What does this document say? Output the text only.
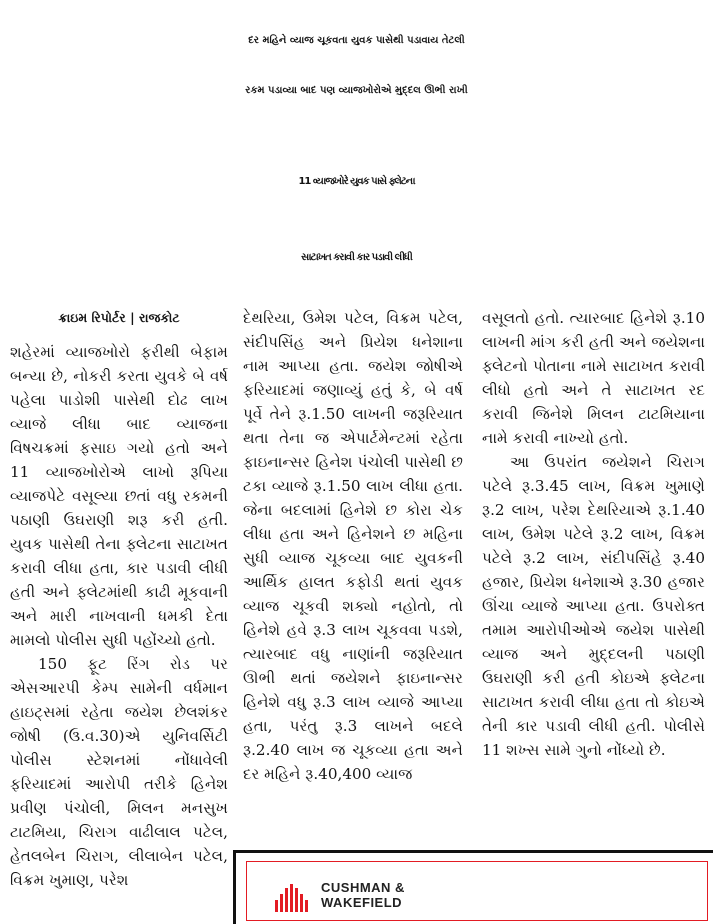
દર મહિને વ્યાજ ચૂકવતા યુવક પાસેથી પડાવાય તેટલી
રકમ પડાવ્યા બાદ પણ વ્યાજખોરોએ મુદ્દલ ઊભી રાખી
11 વ્યાજખોરે યુવક પાસે ફ્લેટના
સાટાખત કરાવી કાર પડાવી લીધી

ક્રાઇમ રિપોર્ટર | રાજકોટ

શહેરમાં વ્યાજખોરો ફરીથી બેફામ બન્યા છે, નોકરી કરતા યુવકે બે વર્ષ પહેલા પાડોશી પાસેથી દોઢ લાખ વ્યાજે લીધા બાદ વ્યાજના વિષચક્રમાં ફસાઇ ગયો હતો અને 11 વ્યાજખોરોએ લાખો રૂપિયા વ્યાજપેટે વસૂલ્યા છતાં વધુ રકમની પઠાણી ઉઘરાણી શરૂ કરી હતી. યુવક પાસેથી તેના ફ્લેટના સાટાખત કરાવી લીધા હતા, કાર પડાવી લીધી હતી અને ફ્લેટમાંથી કાઢી મૂકવાની અને મારી નાખવાની ધમકી દેતા મામલો પોલીસ સુધી પહોંચ્યો હતો.

150 ફૂટ રિંગ રોડ પર એસઆરપી કેમ્પ સામેની વર્ધમાન હાઇટ્સમાં રહેતા જયેશ છેલશંકર જોષી (ઉ.વ.30)એ યુનિવર્સિટી પોલીસ સ્ટેશનમાં નોંધાવેલી ફરિયાદમાં આરોપી તરીકે હિનેશ પ્રવીણ પંચોલી, મિલન મનસુખ ટાટમિયા, ચિરાગ વાઢીલાલ પટેલ, હેતલબેન ચિરાગ, લીલાબેન પટેલ, વિક્રમ ખુમાણ, પરેશ

દેથરિયા, ઉમેશ પટેલ, વિક્રમ પટેલ, સંદીપસિંહ અને પ્રિયેશ ધનેશાના નામ આપ્યા હતા. જયેશ જોષીએ ફરિયાદમાં જણાવ્યું હતું કે, બે વર્ષ પૂર્વે તેને રૂ.1.50 લાખની જરૂરિયાત થતા તેના જ એપાર્ટમેન્ટમાં રહેતા ફાઇનાન્સર હિનેશ પંચોલી પાસેથી છ ટકા વ્યાજે રૂ.1.50 લાખ લીધા હતા. જેના બદલામાં હિનેશે છ કોરા ચેક લીધા હતા અને હિનેશને છ મહિના સુધી વ્યાજ ચૂકવ્યા બાદ યુવકની આર્થિક હાલત કફોડી થતાં યુવક વ્યાજ ચૂકવી શક્યો નહોતો, તો હિનેશે હવે રૂ.3 લાખ ચૂકવવા પડશે, ત્યારબાદ વધુ નાણાંની જરૂરિયાત ઊભી થતાં જયેશને ફાઇનાન્સર હિનેશે વધુ રૂ.3 લાખ વ્યાજે આપ્યા હતા, પરંતુ રૂ.3 લાખને બદલે રૂ.2.40 લાખ જ ચૂકવ્યા હતા અને દર મહિને રૂ.40,400 વ્યાજ

વસૂલતો હતો. ત્યારબાદ હિનેશે રૂ.10 લાખની માંગ કરી હતી અને જયેશના ફ્લેટનો પોતાના નામે સાટાખત કરાવી લીધો હતો અને તે સાટાખત રદ કરાવી જિનેશે મિલન ટાટમિયાના નામે કરાવી નાખ્યો હતો.

આ ઉપરાંત જયેશને ચિરાગ પટેલે રૂ.3.45 લાખ, વિક્રમ ખુમાણે રૂ.2 લાખ, પરેશ દેથરિયાએ રૂ.1.40 લાખ, ઉમેશ પટેલે રૂ.2 લાખ, વિક્રમ પટેલે રૂ.2 લાખ, સંદીપસિંહે રૂ.40 હજાર, પ્રિયેશ ધનેશાએ રૂ.30 હજાર ઊંચા વ્યાજે આપ્યા હતા. ઉપરોક્ત તમામ આરોપીઓએ જયેશ પાસેથી વ્યાજ અને મુદ્દલની પઠાણી ઉઘરાણી કરી હતી કોઇએ ફ્લેટના સાટાખત કરાવી લીધા હતા તો કોઇએ તેની કાર પડાવી લીધી હતી. પોલીસે 11 શખ્સ સામે ગુનો નોંધ્યો છે.

CUSHMAN &
WAKEFIELD
